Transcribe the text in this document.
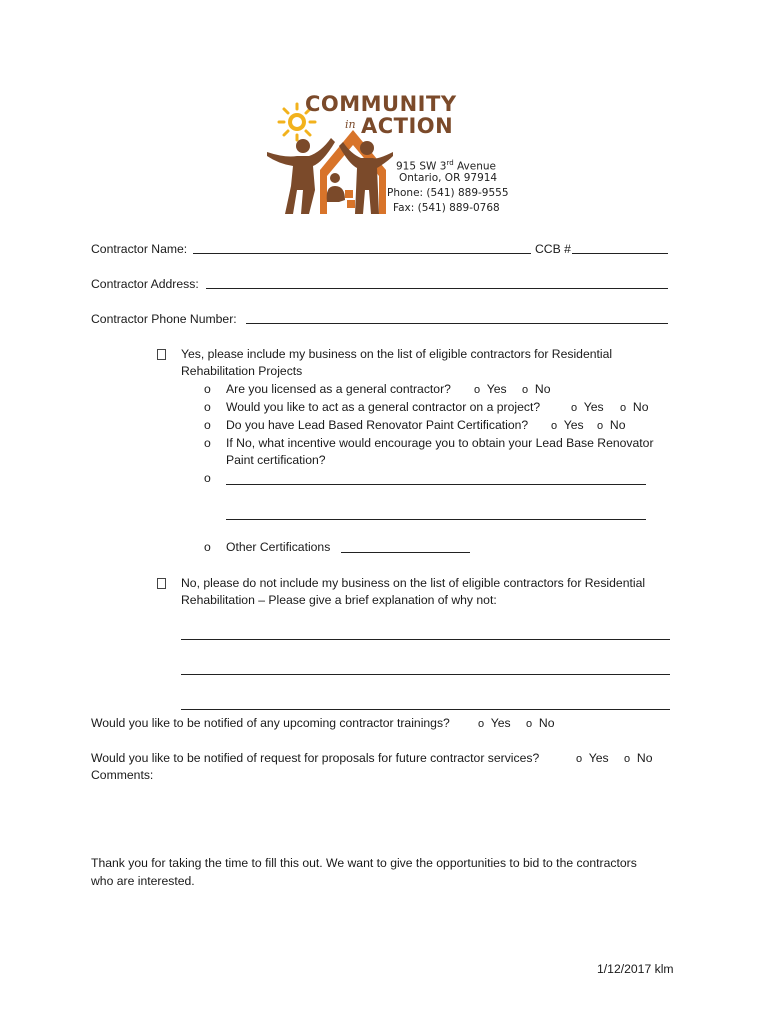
COMMUNITY
in ACTION
915 SW 3rd Avenue
Ontario, OR 97914
Phone: (541) 889-9555
Fax: (541) 889-0768
Contractor Name:	CCB #
Contractor Address:
Contractor Phone Number:
Yes, please include my business on the list of eligible contractors for Residential
Rehabilitation Projects
o Are you licensed as a general contractor? o Yes o No
o Would you like to act as a general contractor on a project?	o Yes o No
o Do you have Lead Based Renovator Paint Certification? o Yes o No
o If No, what incentive would encourage you to obtain your Lead Base Renovator
Paint certification?
o
o Other Certifications
No, please do not include my business on the list of eligible contractors for Residential
Rehabilitation – Please give a brief explanation of why not:
Would you like to be notified of any upcoming contractor trainings?	o Yes o No
Would you like to be notified of request for proposals for future contractor services?	o Yes o No
Comments:
Thank you for taking the time to fill this out. We want to give the opportunities to bid to the contractors
who are interested.
1/12/2017 klm
